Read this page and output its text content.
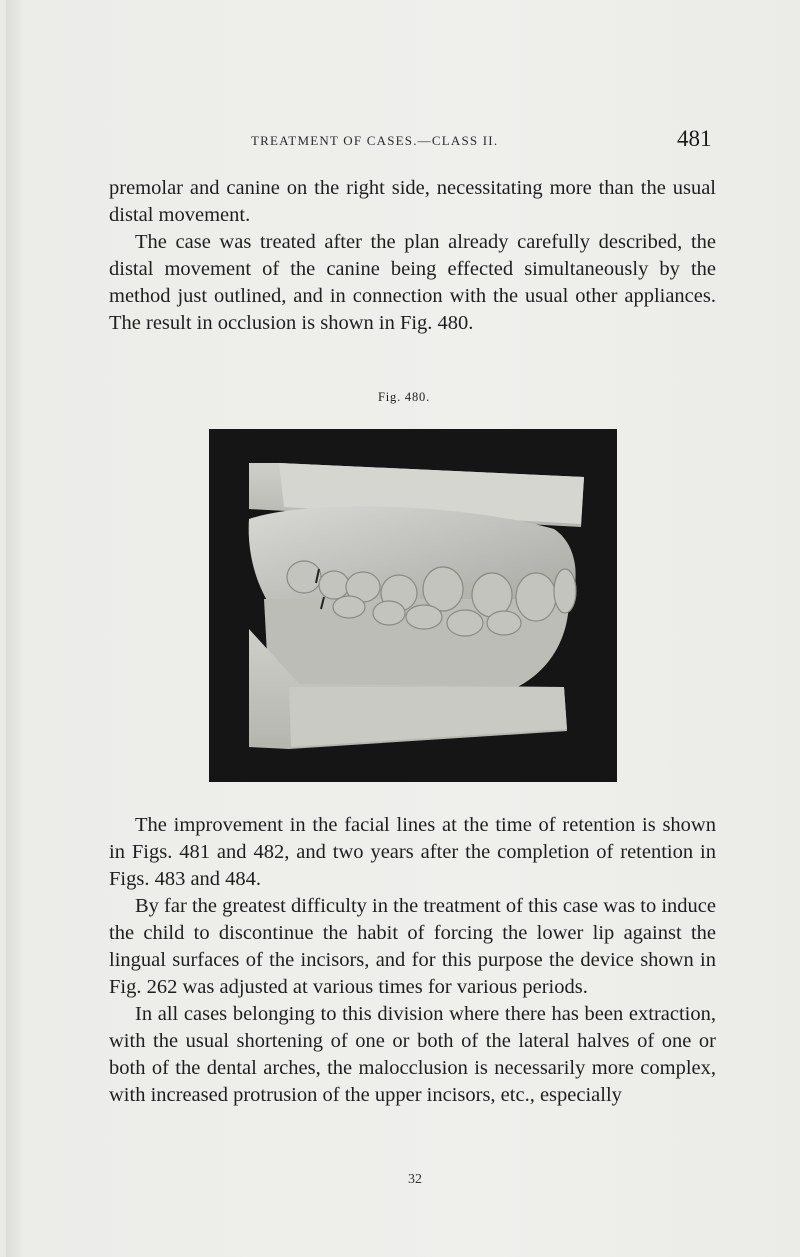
TREATMENT OF CASES.—CLASS II.	481

premolar and canine on the right side, necessitating more than the usual distal movement.

The case was treated after the plan already carefully described, the distal movement of the canine being effected simultaneously by the method just outlined, and in connection with the usual other appliances. The result in occlusion is shown in Fig. 480.

Fig. 480.

The improvement in the facial lines at the time of retention is shown in Figs. 481 and 482, and two years after the completion of retention in Figs. 483 and 484.

By far the greatest difficulty in the treatment of this case was to induce the child to discontinue the habit of forcing the lower lip against the lingual surfaces of the incisors, and for this purpose the device shown in Fig. 262 was adjusted at various times for various periods.

In all cases belonging to this division where there has been extraction, with the usual shortening of one or both of the lateral halves of one or both of the dental arches, the malocclusion is necessarily more complex, with increased protrusion of the upper incisors, etc., especially

32
